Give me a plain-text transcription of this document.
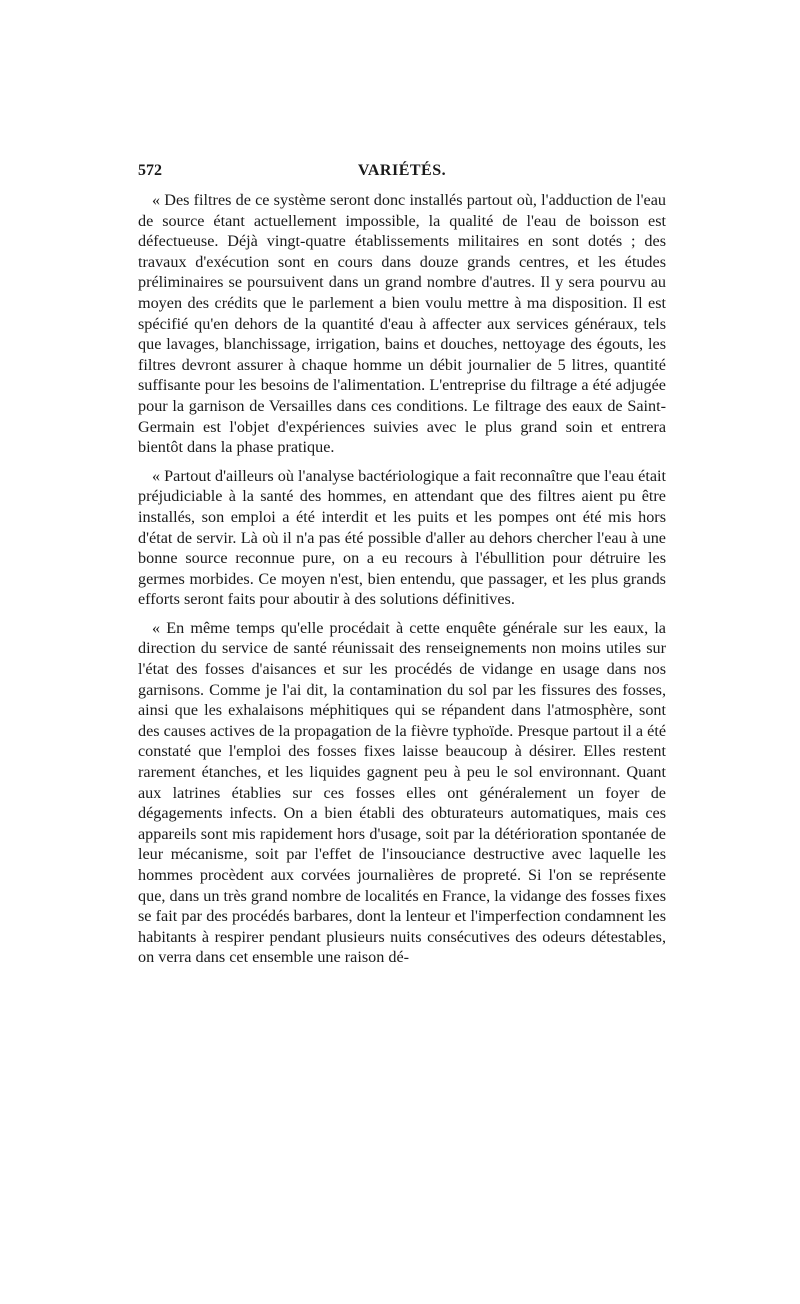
572	VARIÉTÉS.

« Des filtres de ce système seront donc installés partout où, l'adduction de l'eau de source étant actuellement impossible, la qualité de l'eau de boisson est défectueuse. Déjà vingt-quatre établissements militaires en sont dotés ; des travaux d'exécution sont en cours dans douze grands centres, et les études préliminaires se poursuivent dans un grand nombre d'autres. Il y sera pourvu au moyen des crédits que le parlement a bien voulu mettre à ma disposition. Il est spécifié qu'en dehors de la quantité d'eau à affecter aux services généraux, tels que lavages, blanchissage, irrigation, bains et douches, nettoyage des égouts, les filtres devront assurer à chaque homme un débit journalier de 5 litres, quantité suffisante pour les besoins de l'alimentation. L'entreprise du filtrage a été adjugée pour la garnison de Versailles dans ces conditions. Le filtrage des eaux de Saint-Germain est l'objet d'expériences suivies avec le plus grand soin et entrera bientôt dans la phase pratique.

« Partout d'ailleurs où l'analyse bactériologique a fait reconnaître que l'eau était préjudiciable à la santé des hommes, en attendant que des filtres aient pu être installés, son emploi a été interdit et les puits et les pompes ont été mis hors d'état de servir. Là où il n'a pas été possible d'aller au dehors chercher l'eau à une bonne source reconnue pure, on a eu recours à l'ébullition pour détruire les germes morbides. Ce moyen n'est, bien entendu, que passager, et les plus grands efforts seront faits pour aboutir à des solutions définitives.

« En même temps qu'elle procédait à cette enquête générale sur les eaux, la direction du service de santé réunissait des renseignements non moins utiles sur l'état des fosses d'aisances et sur les procédés de vidange en usage dans nos garnisons. Comme je l'ai dit, la contamination du sol par les fissures des fosses, ainsi que les exhalaisons méphitiques qui se répandent dans l'atmosphère, sont des causes actives de la propagation de la fièvre typhoïde. Presque partout il a été constaté que l'emploi des fosses fixes laisse beaucoup à désirer. Elles restent rarement étanches, et les liquides gagnent peu à peu le sol environnant. Quant aux latrines établies sur ces fosses elles ont généralement un foyer de dégagements infects. On a bien établi des obturateurs automatiques, mais ces appareils sont mis rapidement hors d'usage, soit par la détérioration spontanée de leur mécanisme, soit par l'effet de l'insouciance destructive avec laquelle les hommes procèdent aux corvées journalières de propreté. Si l'on se représente que, dans un très grand nombre de localités en France, la vidange des fosses fixes se fait par des procédés barbares, dont la lenteur et l'imperfection condamnent les habitants à respirer pendant plusieurs nuits consécutives des odeurs détestables, on verra dans cet ensemble une raison dé-
